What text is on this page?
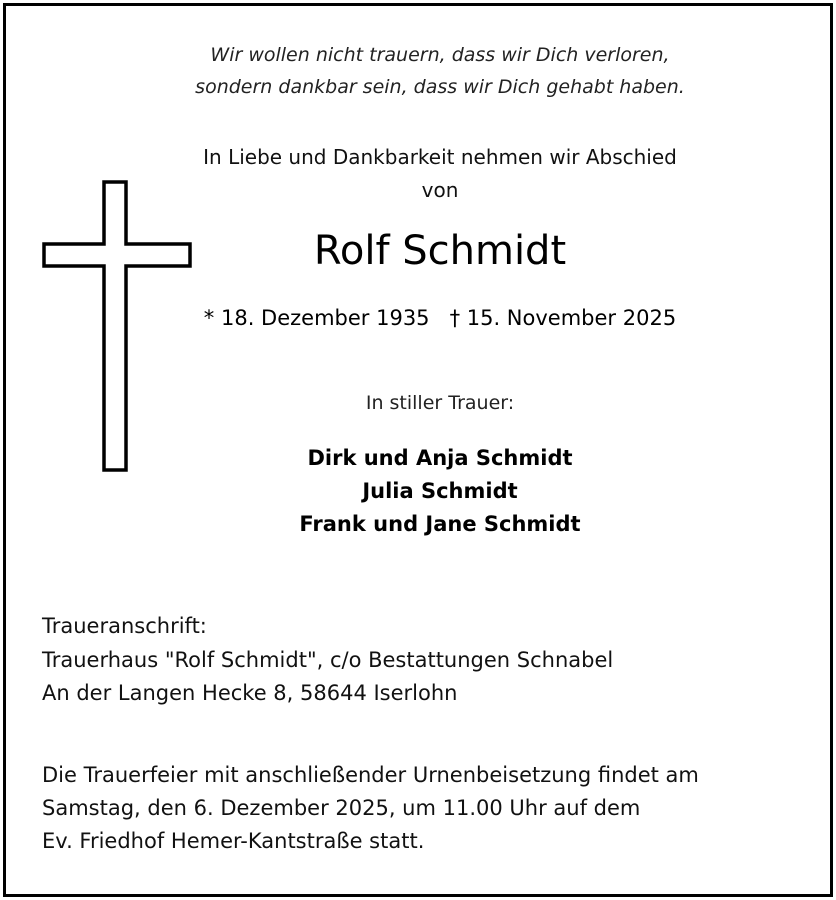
Wir wollen nicht trauern, dass wir Dich verloren,
sondern dankbar sein, dass wir Dich gehabt haben.
In Liebe und Dankbarkeit nehmen wir Abschied
von
Rolf Schmidt
* 18. Dezember 1935   † 15. November 2025
In stiller Trauer:
Dirk und Anja Schmidt
Julia Schmidt
Frank und Jane Schmidt
Traueranschrift:
Trauerhaus "Rolf Schmidt", c/o Bestattungen Schnabel
An der Langen Hecke 8, 58644 Iserlohn
Die Trauerfeier mit anschließender Urnenbeisetzung findet am
Samstag, den 6. Dezember 2025, um 11.00 Uhr auf dem
Ev. Friedhof Hemer-Kantstraße statt.
